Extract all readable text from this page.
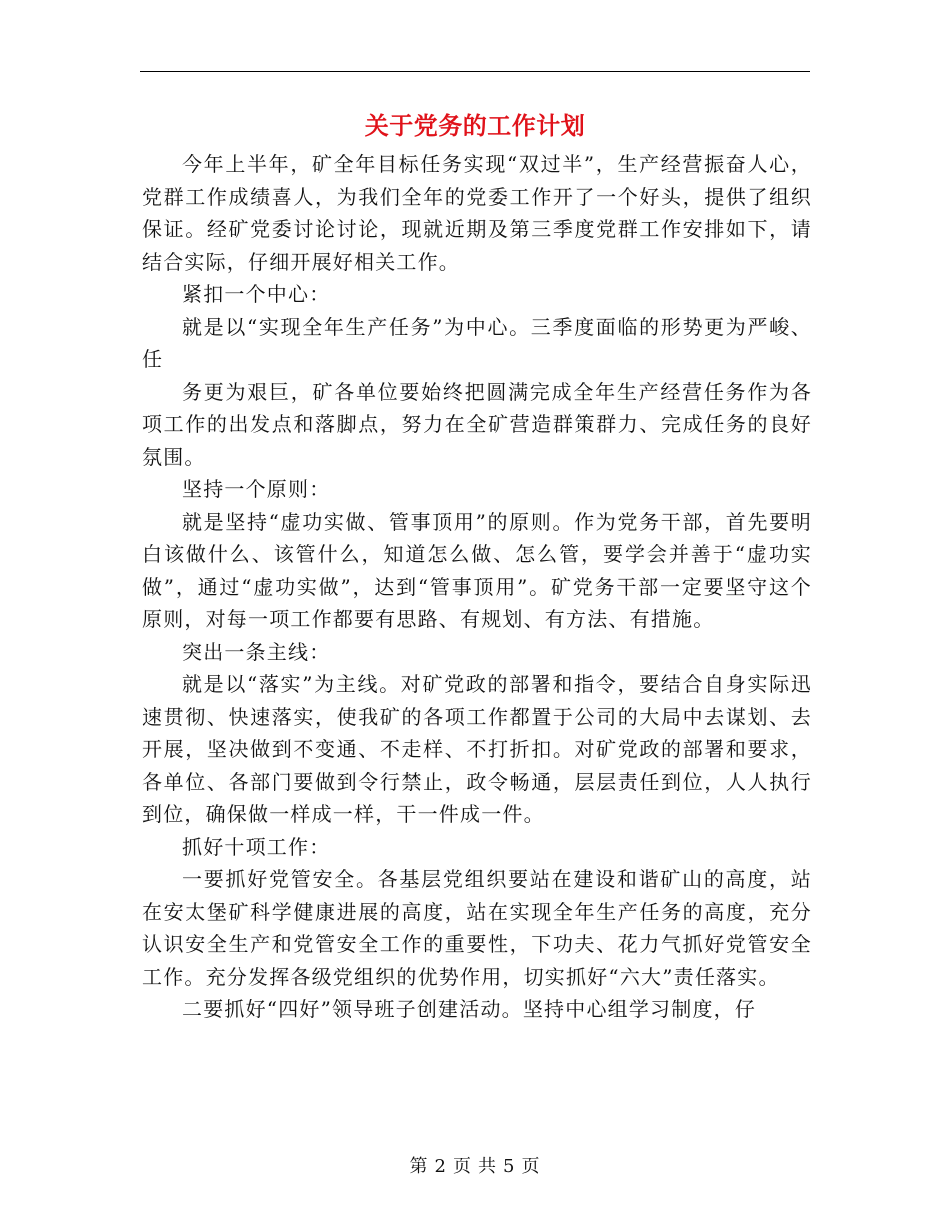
关于党务的工作计划

今年上半年，矿全年目标任务实现“双过半”，生产经营振奋人心，党群工作成绩喜人，为我们全年的党委工作开了一个好头，提供了组织保证。经矿党委讨论讨论，现就近期及第三季度党群工作安排如下，请结合实际，仔细开展好相关工作。

紧扣一个中心：

就是以“实现全年生产任务”为中心。三季度面临的形势更为严峻、任

务更为艰巨，矿各单位要始终把圆满完成全年生产经营任务作为各项工作的出发点和落脚点，努力在全矿营造群策群力、完成任务的良好氛围。

坚持一个原则：

就是坚持“虚功实做、管事顶用”的原则。作为党务干部，首先要明白该做什么、该管什么，知道怎么做、怎么管，要学会并善于“虚功实做”，通过“虚功实做”，达到“管事顶用”。矿党务干部一定要坚守这个原则，对每一项工作都要有思路、有规划、有方法、有措施。

突出一条主线：

就是以“落实”为主线。对矿党政的部署和指令，要结合自身实际迅速贯彻、快速落实，使我矿的各项工作都置于公司的大局中去谋划、去开展，坚决做到不变通、不走样、不打折扣。对矿党政的部署和要求，各单位、各部门要做到令行禁止，政令畅通，层层责任到位，人人执行到位，确保做一样成一样，干一件成一件。

抓好十项工作：

一要抓好党管安全。各基层党组织要站在建设和谐矿山的高度，站在安太堡矿科学健康进展的高度，站在实现全年生产任务的高度，充分认识安全生产和党管安全工作的重要性，下功夫、花力气抓好党管安全工作。充分发挥各级党组织的优势作用，切实抓好“六大”责任落实。

二要抓好“四好”领导班子创建活动。坚持中心组学习制度，仔

第 2 页 共 5 页
